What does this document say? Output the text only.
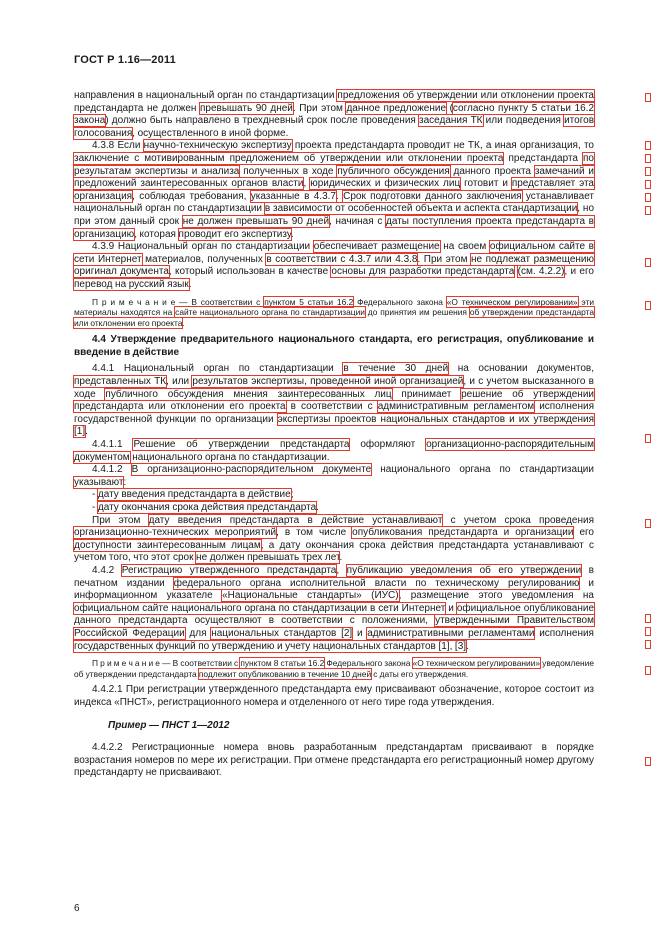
ГОСТ Р 1.16—2011

направления в национальный орган по стандартизации предложения об утверждении или отклонении проекта предстандарта не должен превышать 90 дней. При этом данное предложение (согласно пункту 5 статьи 16.2 закона) должно быть направлено в трехдневный срок после проведения заседания ТК или подведения итогов голосования, осуществленного в иной форме.

4.3.8 Если научно-техническую экспертизу проекта предстандарта проводит не ТК, а иная организация, то заключение с мотивированным предложением об утверждении или отклонении проекта предстандарта по результатам экспертизы и анализа полученных в ходе публичного обсуждения данного проекта замечаний и предложений заинтересованных органов власти, юридических и физических лиц готовит и представляет эта организация, соблюдая требования, указанные в 4.3.7. Срок подготовки данного заключения устанавливает национальный орган по стандартизации в зависимости от особенностей объекта и аспекта стандартизации, но при этом данный срок не должен превышать 90 дней, начиная с даты поступления проекта предстандарта в организацию, которая проводит его экспертизу.

4.3.9 Национальный орган по стандартизации обеспечивает размещение на своем официальном сайте в сети Интернет материалов, полученных в соответствии с 4.3.7 или 4.3.8. При этом не подлежат размещению оригинал документа, который использован в качестве основы для разработки предстандарта (см. 4.2.2), и его перевод на русский язык.

П р и м е ч а н и е — В соответствии с пунктом 5 статьи 16.2 Федерального закона «О техническом регулировании» эти материалы находятся на сайте национального органа по стандартизации до принятия им решения об утверждении предстандарта или отклонении его проекта.

4.4 Утверждение предварительного национального стандарта, его регистрация, опубликование и введение в действие

4.4.1 Национальный орган по стандартизации в течение 30 дней на основании документов, представленных ТК, или результатов экспертизы, проведенной иной организацией, и с учетом высказанного в ходе публичного обсуждения мнения заинтересованных лиц принимает решение об утверждении предстандарта или отклонении его проекта в соответствии с административным регламентом исполнения государственной функции по организации экспертизы проектов национальных стандартов и их утверждения [1].

4.4.1.1 Решение об утверждении предстандарта оформляют организационно-распорядительным документом национального органа по стандартизации.

4.4.1.2 В организационно-распорядительном документе национального органа по стандартизации указывают:

- дату введения предстандарта в действие;

- дату окончания срока действия предстандарта.

При этом дату введения предстандарта в действие устанавливают с учетом срока проведения организационно-технических мероприятий, в том числе опубликования предстандарта и организации его доступности заинтересованным лицам, а дату окончания срока действия предстандарта устанавливают с учетом того, что этот срок не должен превышать трех лет.

4.4.2 Регистрацию утвержденного предстандарта, публикацию уведомления об его утверждении в печатном издании федерального органа исполнительной власти по техническому регулированию и информационном указателе «Национальные стандарты» (ИУС), размещение этого уведомления на официальном сайте национального органа по стандартизации в сети Интернет и официальное опубликование данного предстандарта осуществляют в соответствии с положениями, утвержденными Правительством Российской Федерации для национальных стандартов [2] и административными регламентами исполнения государственных функций по утверждению и учету национальных стандартов [1], [3].

П р и м е ч а н и е — В соответствии с пунктом 8 статьи 16.2 Федерального закона «О техническом регулировании» уведомление об утверждении предстандарта подлежит опубликованию в течение 10 дней с даты его утверждения.

4.4.2.1 При регистрации утвержденного предстандарта ему присваивают обозначение, которое состоит из индекса «ПНСТ», регистрационного номера и отделенного от него тире года утверждения.

Пример — ПНСТ 1—2012

4.4.2.2 Регистрационные номера вновь разработанным предстандартам присваивают в порядке возрастания номеров по мере их регистрации. При отмене предстандарта его регистрационный номер другому предстандарту не присваивают.

6
